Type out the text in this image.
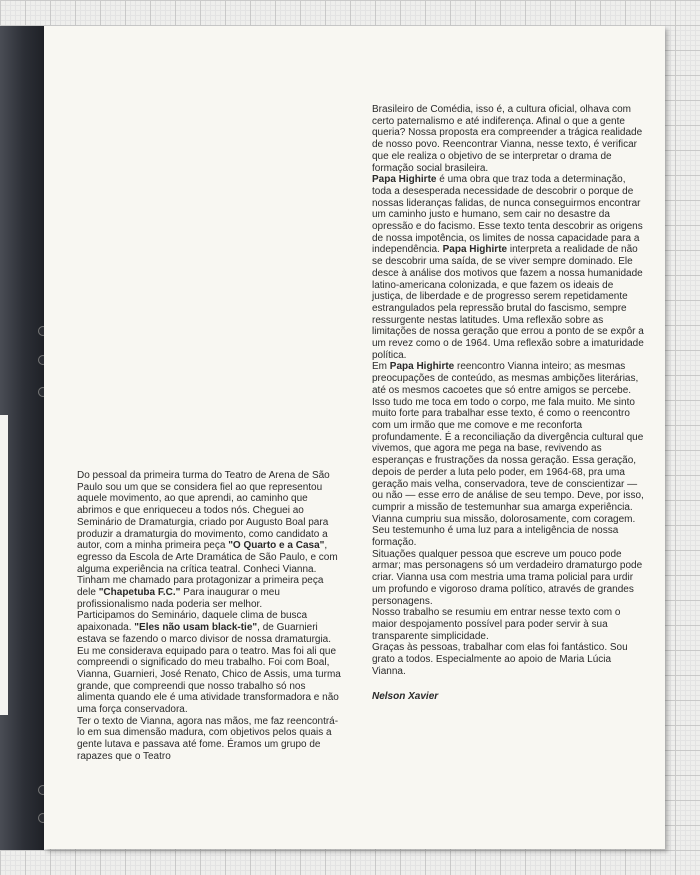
Do pessoal da primeira turma do Teatro de Arena de São Paulo sou um que se considera fiel ao que representou aquele movimento, ao que aprendi, ao caminho que abrimos e que enriqueceu a todos nós. Cheguei ao Seminário de Dramaturgia, criado por Augusto Boal para produzir a dramaturgia do movimento, como candidato a autor, com a minha primeira peça "O Quarto e a Casa", egresso da Escola de Arte Dramática de São Paulo, e com alguma experiência na crítica teatral. Conheci Vianna. Tinham me chamado para protagonizar a primeira peça dele "Chapetuba F.C." Para inaugurar o meu profissionalismo nada poderia ser melhor.

Participamos do Seminário, daquele clima de busca apaixonada. "Eles não usam black-tie", de Guarnieri estava se fazendo o marco divisor de nossa dramaturgia. Eu me considerava equipado para o teatro. Mas foi ali que compreendi o significado do meu trabalho. Foi com Boal, Vianna, Guarnieri, José Renato, Chico de Assis, uma turma grande, que compreendi que nosso trabalho só nos alimenta quando ele é uma atividade transformadora e não uma força conservadora.

Ter o texto de Vianna, agora nas mãos, me faz reencontrá-lo em sua dimensão madura, com objetivos pelos quais a gente lutava e passava até fome. Éramos um grupo de rapazes que o Teatro

Brasileiro de Comédia, isso é, a cultura oficial, olhava com certo paternalismo e até indiferença. Afinal o que a gente queria? Nossa proposta era compreender a trágica realidade de nosso povo. Reencontrar Vianna, nesse texto, é verificar que ele realiza o objetivo de se interpretar o drama de formação social brasileira.

Papa Highirte é uma obra que traz toda a determinação, toda a desesperada necessidade de descobrir o porque de nossas lideranças falidas, de nunca conseguirmos encontrar um caminho justo e humano, sem cair no desastre da opressão e do facismo. Esse texto tenta descobrir as origens de nossa impotência, os limites de nossa capacidade para a independência. Papa Highirte interpreta a realidade de não se descobrir uma saída, de se viver sempre dominado. Ele desce à análise dos motivos que fazem a nossa humanidade latino-americana colonizada, e que fazem os ideais de justiça, de liberdade e de progresso serem repetidamente estrangulados pela repressão brutal do fascismo, sempre ressurgente nestas latitudes. Uma reflexão sobre as limitações de nossa geração que errou a ponto de se expôr a um revez como o de 1964. Uma reflexão sobre a imaturidade política.

Em Papa Highirte reencontro Vianna inteiro; as mesmas preocupações de conteúdo, as mesmas ambições literárias, até os mesmos cacoetes que só entre amigos se percebe. Isso tudo me toca em todo o corpo, me fala muito. Me sinto muito forte para trabalhar esse texto, é como o reencontro com um irmão que me comove e me reconforta profundamente. É a reconciliação da divergência cultural que vivemos, que agora me pega na base, revivendo as esperanças e frustrações da nossa geração. Essa geração, depois de perder a luta pelo poder, em 1964-68, pra uma geração mais velha, conservadora, teve de conscientizar — ou não — esse erro de análise de seu tempo. Deve, por isso, cumprir a missão de testemunhar sua amarga experiência. Vianna cumpriu sua missão, dolorosamente, com coragem. Seu testemunho é uma luz para a inteligência de nossa formação.

Situações qualquer pessoa que escreve um pouco pode armar; mas personagens só um verdadeiro dramaturgo pode criar. Vianna usa com mestria uma trama policial para urdir um profundo e vigoroso drama político, através de grandes personagens.

Nosso trabalho se resumiu em entrar nesse texto com o maior despojamento possível para poder servir à sua transparente simplicidade.

Graças às pessoas, trabalhar com elas foi fantástico. Sou grato a todos. Especialmente ao apoio de Maria Lúcia Vianna.

Nelson Xavier
